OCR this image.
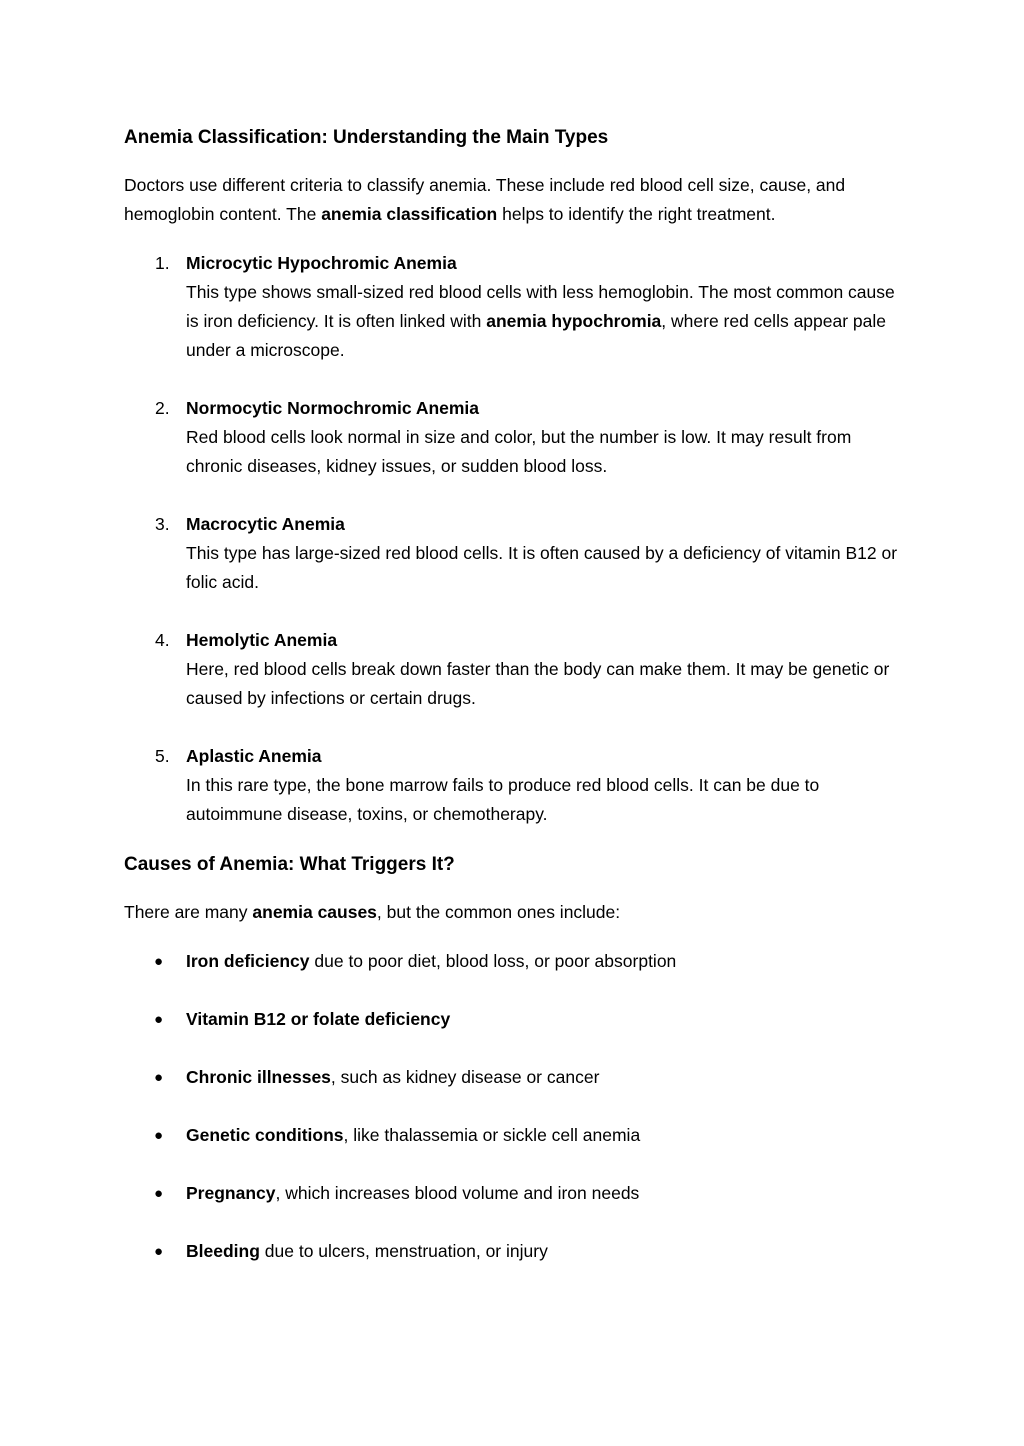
Anemia Classification: Understanding the Main Types

Doctors use different criteria to classify anemia. These include red blood cell size, cause, and hemoglobin content. The anemia classification helps to identify the right treatment.

1. Microcytic Hypochromic Anemia
This type shows small-sized red blood cells with less hemoglobin. The most common cause is iron deficiency. It is often linked with anemia hypochromia, where red cells appear pale under a microscope.
2. Normocytic Normochromic Anemia
Red blood cells look normal in size and color, but the number is low. It may result from chronic diseases, kidney issues, or sudden blood loss.
3. Macrocytic Anemia
This type has large-sized red blood cells. It is often caused by a deficiency of vitamin B12 or folic acid.
4. Hemolytic Anemia
Here, red blood cells break down faster than the body can make them. It may be genetic or caused by infections or certain drugs.
5. Aplastic Anemia
In this rare type, the bone marrow fails to produce red blood cells. It can be due to autoimmune disease, toxins, or chemotherapy.
Causes of Anemia: What Triggers It?

There are many anemia causes, but the common ones include:

● Iron deficiency due to poor diet, blood loss, or poor absorption
● Vitamin B12 or folate deficiency
● Chronic illnesses, such as kidney disease or cancer
● Genetic conditions, like thalassemia or sickle cell anemia
● Pregnancy, which increases blood volume and iron needs
● Bleeding due to ulcers, menstruation, or injury
